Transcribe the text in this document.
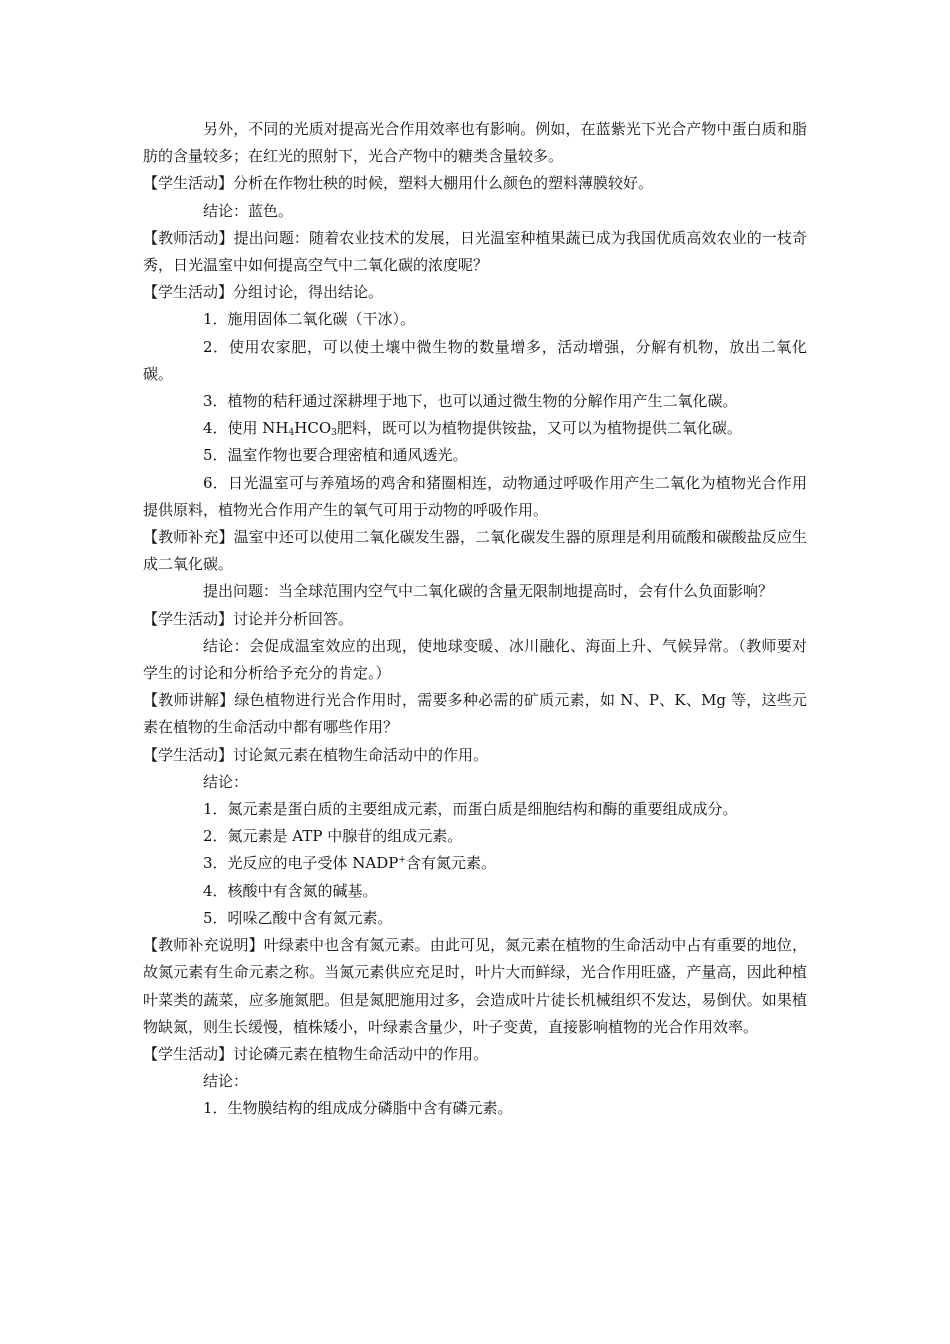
另外，不同的光质对提高光合作用效率也有影响。例如，在蓝紫光下光合产物中蛋白质和脂肪的含量较多；在红光的照射下，光合产物中的糖类含量较多。

【学生活动】分析在作物壮秧的时候，塑料大棚用什么颜色的塑料薄膜较好。

结论：蓝色。

【教师活动】提出问题：随着农业技术的发展，日光温室种植果蔬已成为我国优质高效农业的一枝奇秀，日光温室中如何提高空气中二氧化碳的浓度呢？

【学生活动】分组讨论，得出结论。

1．施用固体二氧化碳（干冰）。

2．使用农家肥，可以使土壤中微生物的数量增多，活动增强，分解有机物，放出二氧化碳。

3．植物的秸秆通过深耕埋于地下，也可以通过微生物的分解作用产生二氧化碳。

4．使用 $NH_4HCO_3$肥料，既可以为植物提供铵盐，又可以为植物提供二氧化碳。

5．温室作物也要合理密植和通风透光。

6．日光温室可与养殖场的鸡舍和猪圈相连，动物通过呼吸作用产生二氧化为植物光合作用提供原料，植物光合作用产生的氧气可用于动物的呼吸作用。

【教师补充】温室中还可以使用二氧化碳发生器，二氧化碳发生器的原理是利用硫酸和碳酸盐反应生成二氧化碳。

提出问题：当全球范围内空气中二氧化碳的含量无限制地提高时，会有什么负面影响？

【学生活动】讨论并分析回答。

结论：会促成温室效应的出现，使地球变暖、冰川融化、海面上升、气候异常。（教师要对学生的讨论和分析给予充分的肯定。）

【教师讲解】绿色植物进行光合作用时，需要多种必需的矿质元素，如 N、P、K、Mg 等，这些元素在植物的生命活动中都有哪些作用？

【学生活动】讨论氮元素在植物生命活动中的作用。

结论：

1．氮元素是蛋白质的主要组成元素，而蛋白质是细胞结构和酶的重要组成成分。

2．氮元素是 ATP 中腺苷的组成元素。

3．光反应的电子受体 NADP+含有氮元素。

4．核酸中有含氮的碱基。

5．吲哚乙酸中含有氮元素。

【教师补充说明】叶绿素中也含有氮元素。由此可见，氮元素在植物的生命活动中占有重要的地位，故氮元素有生命元素之称。当氮元素供应充足时，叶片大而鲜绿，光合作用旺盛，产量高，因此种植叶菜类的蔬菜，应多施氮肥。但是氮肥施用过多，会造成叶片徒长机械组织不发达，易倒伏。如果植物缺氮，则生长缓慢，植株矮小，叶绿素含量少，叶子变黄，直接影响植物的光合作用效率。

【学生活动】讨论磷元素在植物生命活动中的作用。

结论：

1．生物膜结构的组成成分磷脂中含有磷元素。
